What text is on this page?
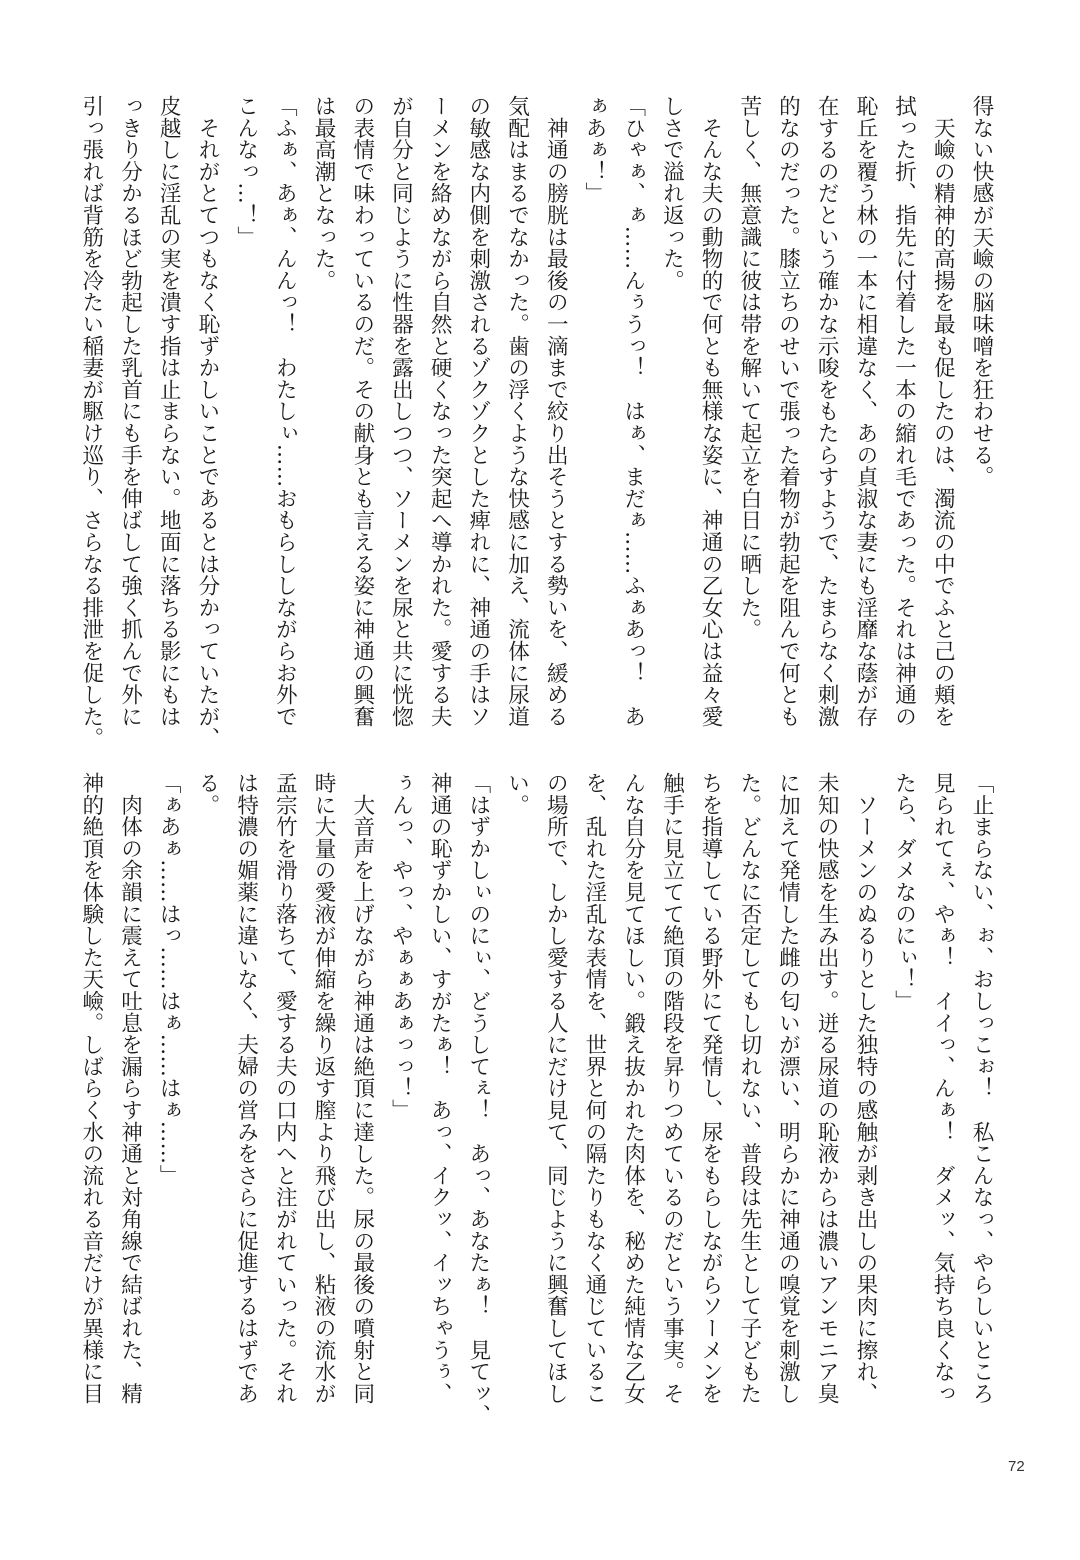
得ない快感が天嶮の脳味噌を狂わせる。
　天嶮の精神的高揚を最も促したのは、濁流の中でふと己の頬を
拭った折、指先に付着した一本の縮れ毛であった。それは神通の
恥丘を覆う林の一本に相違なく、あの貞淑な妻にも淫靡な蔭が存
在するのだという確かな示唆をもたらすようで、たまらなく刺激
的なのだった。膝立ちのせいで張った着物が勃起を阻んで何とも
苦しく、無意識に彼は帯を解いて起立を白日に晒した。
　そんな夫の動物的で何とも無様な姿に、神通の乙女心は益々愛
しさで溢れ返った。
「ひゃぁ、ぁ……んぅうっ！　はぁ、まだぁ……ふぁあっ！　あ
ぁあぁ！」
　神通の膀胱は最後の一滴まで絞り出そうとする勢いを、緩める
気配はまるでなかった。歯の浮くような快感に加え、流体に尿道
の敏感な内側を刺激されるゾクゾクとした痺れに、神通の手はソ
ーメンを絡めながら自然と硬くなった突起へ導かれた。愛する夫
が自分と同じように性器を露出しつつ、ソーメンを尿と共に恍惚
の表情で味わっているのだ。その献身とも言える姿に神通の興奮
は最高潮となった。
「ふぁ、あぁ、んんっ！　わたしぃ……おもらししながらお外で
こんなっ…！」
　それがとてつもなく恥ずかしいことであるとは分かっていたが、
皮越しに淫乱の実を潰す指は止まらない。地面に落ちる影にもは
っきり分かるほど勃起した乳首にも手を伸ばして強く抓んで外に
引っ張れば背筋を冷たい稲妻が駆け巡り、さらなる排泄を促した。
「止まらない、ぉ、おしっこぉ！　私こんなっ、やらしいところ
見られてぇ、やぁ！　イイっ、んぁ！　ダメッ、気持ち良くなっ
たら、ダメなのにぃ！」
　ソーメンのぬるりとした独特の感触が剥き出しの果肉に擦れ、
未知の快感を生み出す。迸る尿道の恥液からは濃いアンモニア臭
に加えて発情した雌の匂いが漂い、明らかに神通の嗅覚を刺激し
た。どんなに否定してもし切れない、普段は先生として子どもた
ちを指導している野外にて発情し、尿をもらしながらソーメンを
触手に見立てて絶頂の階段を昇りつめているのだという事実。そ
んな自分を見てほしい。鍛え抜かれた肉体を、秘めた純情な乙女
を、乱れた淫乱な表情を、世界と何の隔たりもなく通じているこ
の場所で、しかし愛する人にだけ見て、同じように興奮してほし
い。
「はずかしぃのにぃ、どうしてぇ！　あっ、あなたぁ！　見てッ、
神通の恥ずかしい、すがたぁ！　あっ、イクッ、イッちゃうぅ、
ぅんっ、やっ、やぁぁあぁっっ！」
　大音声を上げながら神通は絶頂に達した。尿の最後の噴射と同
時に大量の愛液が伸縮を繰り返す膣より飛び出し、粘液の流水が
孟宗竹を滑り落ちて、愛する夫の口内へと注がれていった。それ
は特濃の媚薬に違いなく、夫婦の営みをさらに促進するはずであ
る。
「ぁあぁ……はっ……はぁ……はぁ……」
　肉体の余韻に震えて吐息を漏らす神通と対角線で結ばれた、精
神的絶頂を体験した天嶮。しばらく水の流れる音だけが異様に目
72
